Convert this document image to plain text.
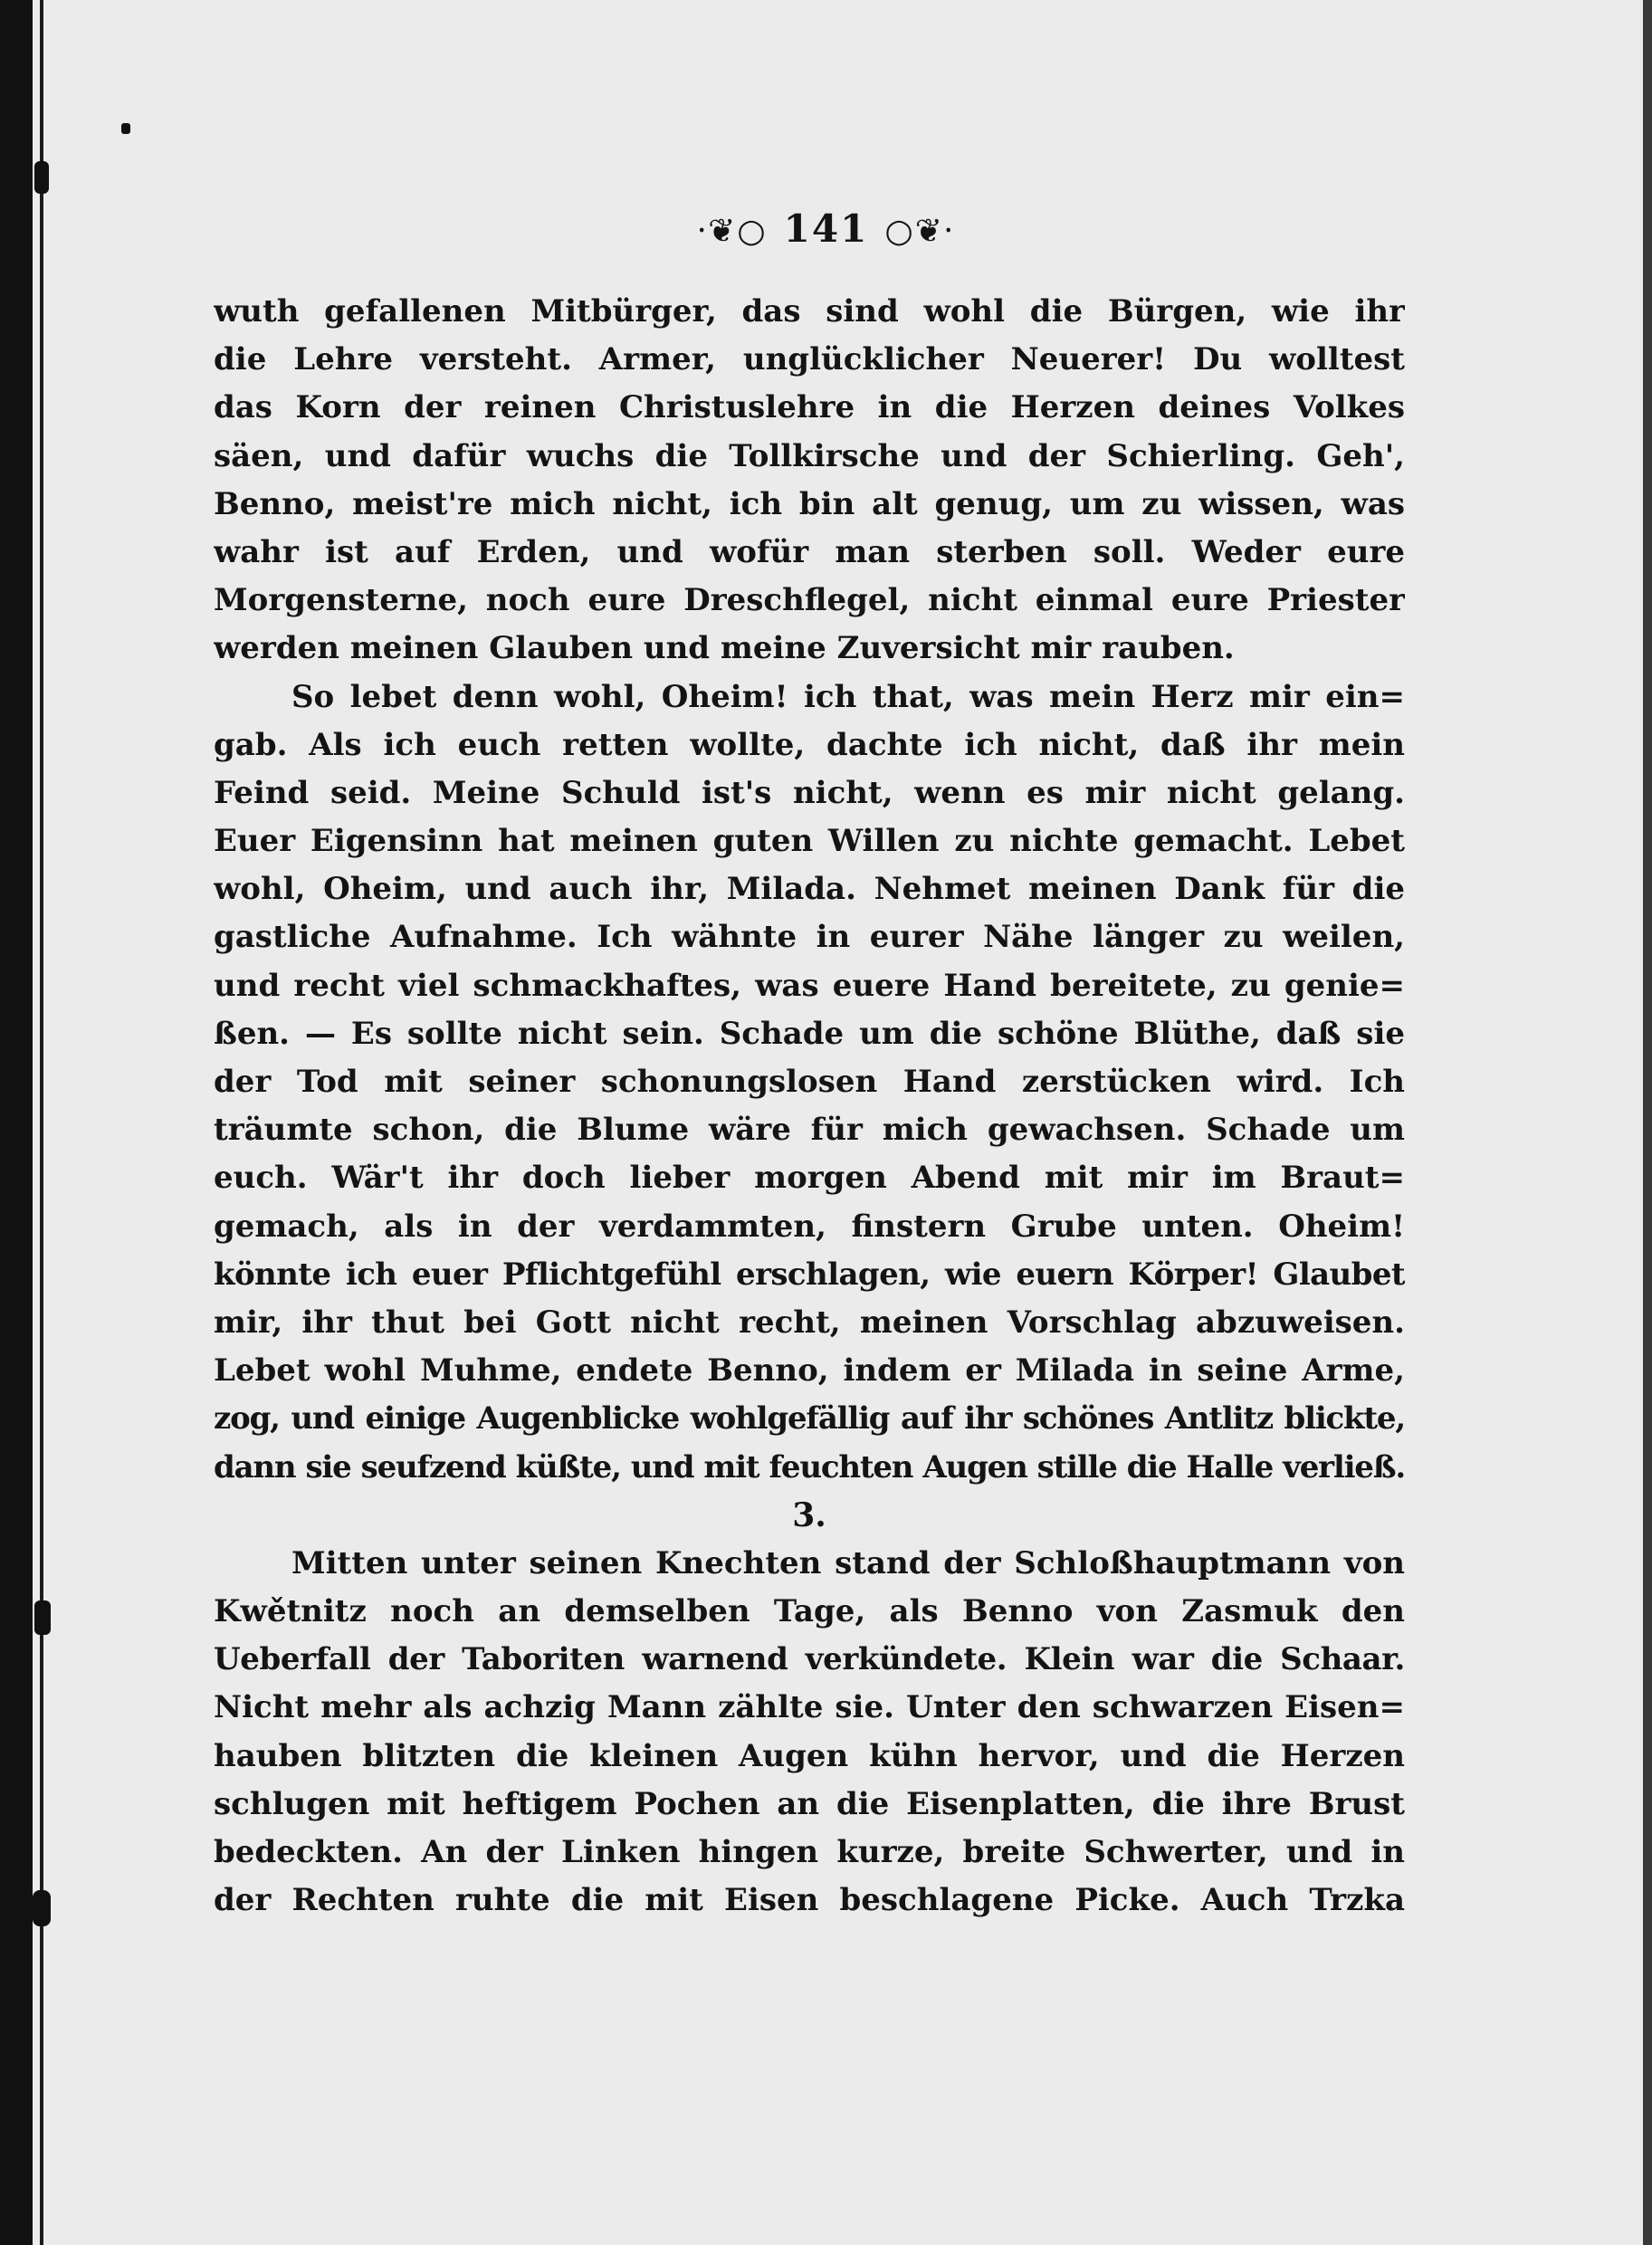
⸱❦○ 141 ○❦⸱
wuth gefallenen Mitbürger, das sind wohl die Bürgen, wie ihr
die Lehre versteht. Armer, unglücklicher Neuerer! Du wolltest
das Korn der reinen Christuslehre in die Herzen deines Volkes
säen, und dafür wuchs die Tollkirsche und der Schierling. Geh',
Benno, meist're mich nicht, ich bin alt genug, um zu wissen, was
wahr ist auf Erden, und wofür man sterben soll. Weder eure
Morgensterne, noch eure Dreschflegel, nicht einmal eure Priester
werden meinen Glauben und meine Zuversicht mir rauben.
So lebet denn wohl, Oheim! ich that, was mein Herz mir ein=
gab. Als ich euch retten wollte, dachte ich nicht, daß ihr mein
Feind seid. Meine Schuld ist's nicht, wenn es mir nicht gelang.
Euer Eigensinn hat meinen guten Willen zu nichte gemacht. Lebet
wohl, Oheim, und auch ihr, Milada. Nehmet meinen Dank für die
gastliche Aufnahme. Ich wähnte in eurer Nähe länger zu weilen,
und recht viel schmackhaftes, was euere Hand bereitete, zu genie=
ßen. — Es sollte nicht sein. Schade um die schöne Blüthe, daß sie
der Tod mit seiner schonungslosen Hand zerstücken wird. Ich
träumte schon, die Blume wäre für mich gewachsen. Schade um
euch. Wär't ihr doch lieber morgen Abend mit mir im Braut=
gemach, als in der verdammten, finstern Grube unten. Oheim!
könnte ich euer Pflichtgefühl erschlagen, wie euern Körper! Glaubet
mir, ihr thut bei Gott nicht recht, meinen Vorschlag abzuweisen.
Lebet wohl Muhme, endete Benno, indem er Milada in seine Arme,
zog, und einige Augenblicke wohlgefällig auf ihr schönes Antlitz blickte,
dann sie seufzend küßte, und mit feuchten Augen stille die Halle verließ.
3.
Mitten unter seinen Knechten stand der Schloßhauptmann von
Kwětnitz noch an demselben Tage, als Benno von Zasmuk den
Ueberfall der Taboriten warnend verkündete. Klein war die Schaar.
Nicht mehr als achzig Mann zählte sie. Unter den schwarzen Eisen=
hauben blitzten die kleinen Augen kühn hervor, und die Herzen
schlugen mit heftigem Pochen an die Eisenplatten, die ihre Brust
bedeckten. An der Linken hingen kurze, breite Schwerter, und in
der Rechten ruhte die mit Eisen beschlagene Picke. Auch Trzka
